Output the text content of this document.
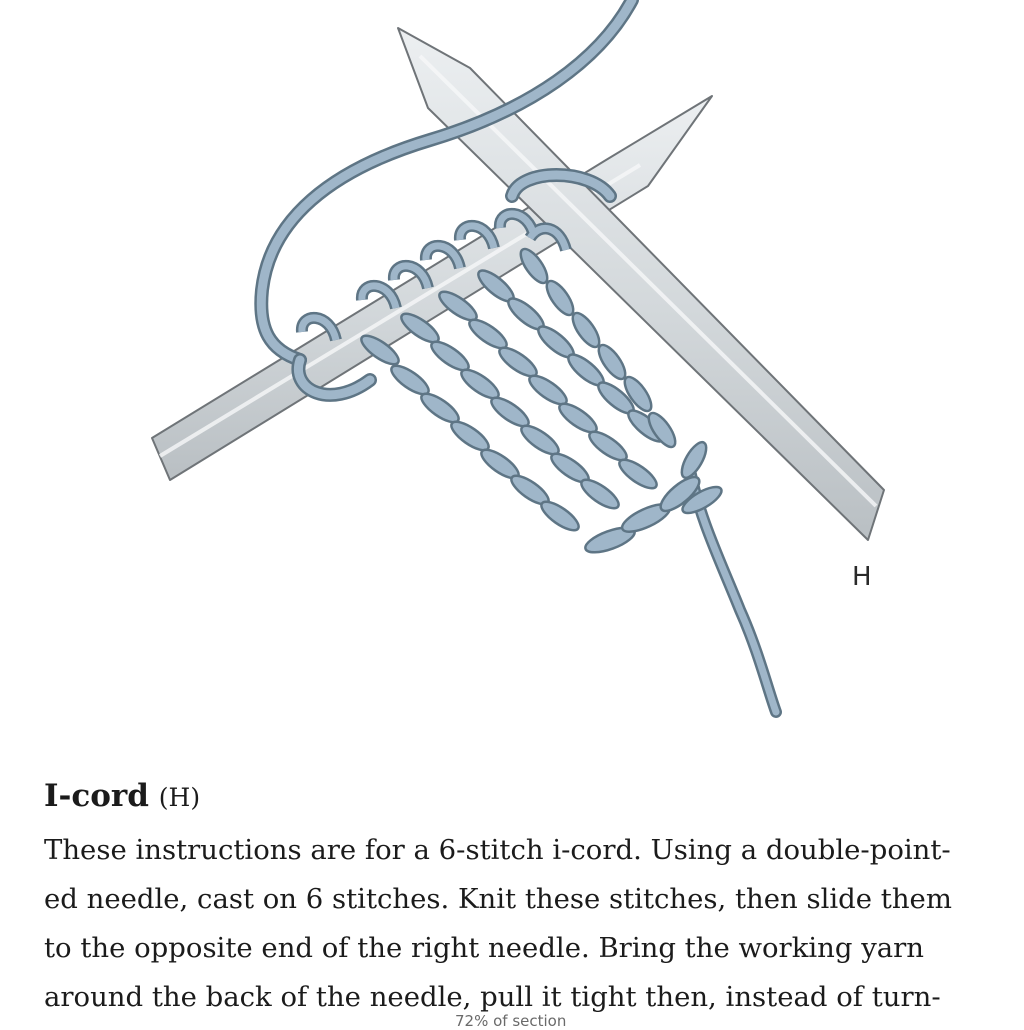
H
I-cord (H)
These instructions are for a 6-stitch i-cord. Using a double-point-
ed needle, cast on 6 stitches. Knit these stitches, then slide them
to the opposite end of the right needle. Bring the working yarn
around the back of the needle, pull it tight then, instead of turn-
72% of section
